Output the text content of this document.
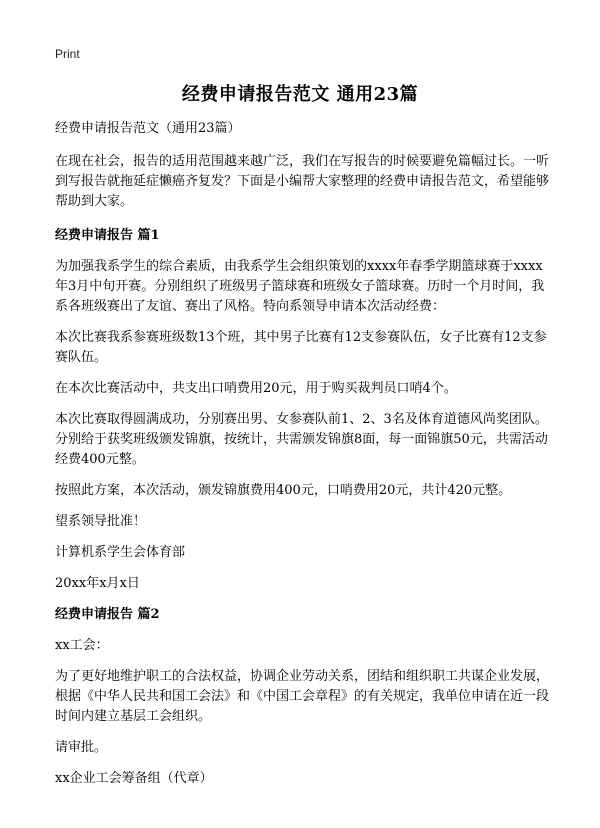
Print
经费申请报告范文 通用23篇

经费申请报告范文（通用23篇）

在现在社会，报告的适用范围越来越广泛，我们在写报告的时候要避免篇幅过长。一听到写报告就拖延症懒癌齐复发？下面是小编帮大家整理的经费申请报告范文，希望能够帮助到大家。

经费申请报告 篇1

为加强我系学生的综合素质，由我系学生会组织策划的xxxx年春季学期篮球赛于xxxx年3月中旬开赛。分别组织了班级男子篮球赛和班级女子篮球赛。历时一个月时间，我系各班级赛出了友谊、赛出了风格。特向系领导申请本次活动经费：

本次比赛我系参赛班级数13个班，其中男子比赛有12支参赛队伍，女子比赛有12支参赛队伍。

在本次比赛活动中，共支出口哨费用20元，用于购买裁判员口哨4个。

本次比赛取得圆满成功，分别赛出男、女参赛队前1、2、3名及体育道德风尚奖团队。分别给于获奖班级颁发锦旗，按统计，共需颁发锦旗8面，每一面锦旗50元，共需活动经费400元整。

按照此方案，本次活动，颁发锦旗费用400元，口哨费用20元，共计420元整。

望系领导批准！

计算机系学生会体育部

20xx年x月x日

经费申请报告 篇2

xx工会：

为了更好地维护职工的合法权益，协调企业劳动关系，团结和组织职工共谋企业发展，根据《中华人民共和国工会法》和《中国工会章程》的有关规定，我单位申请在近一段时间内建立基层工会组织。

请审批。

xx企业工会筹备组（代章）
